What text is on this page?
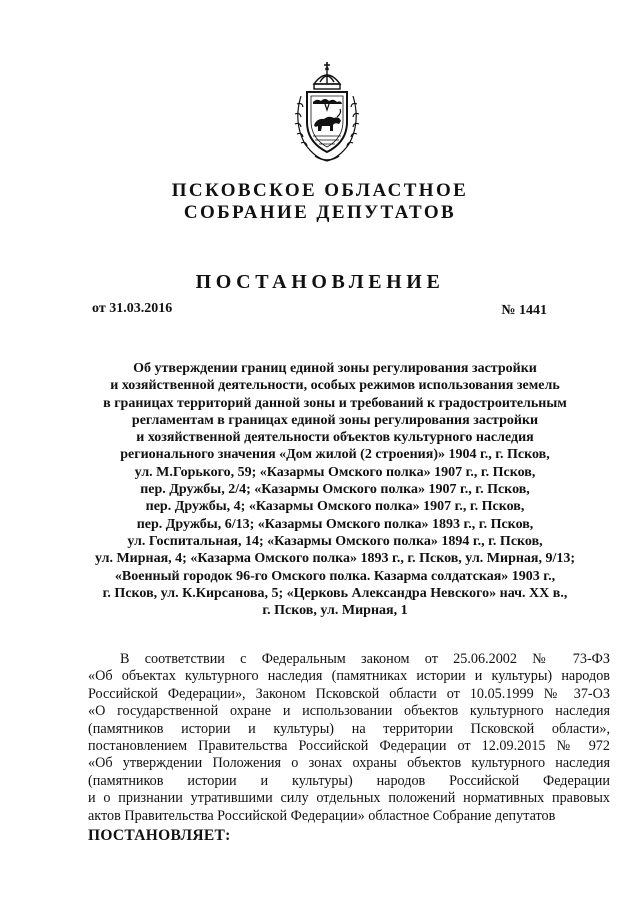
ПСКОВСКОЕ ОБЛАСТНОЕ
СОБРАНИЕ ДЕПУТАТОВ
ПОСТАНОВЛЕНИЕ
от 31.03.2016	№ 1441
Об утверждении границ единой зоны регулирования застройки
и хозяйственной деятельности, особых режимов использования земель
в границах территорий данной зоны и требований к градостроительным
регламентам в границах единой зоны регулирования застройки
и хозяйственной деятельности объектов культурного наследия
регионального значения «Дом жилой (2 строения)» 1904 г., г. Псков,
ул. М.Горького, 59; «Казармы Омского полка» 1907 г., г. Псков,
пер. Дружбы, 2/4; «Казармы Омского полка» 1907 г., г. Псков,
пер. Дружбы, 4; «Казармы Омского полка» 1907 г., г. Псков,
пер. Дружбы, 6/13; «Казармы Омского полка» 1893 г., г. Псков,
ул. Госпитальная, 14; «Казармы Омского полка» 1894 г., г. Псков,
ул. Мирная, 4; «Казарма Омского полка» 1893 г., г. Псков, ул. Мирная, 9/13;
«Военный городок 96-го Омского полка. Казарма солдатская» 1903 г.,
г. Псков, ул. К.Кирсанова, 5; «Церковь Александра Невского» нач. XX в.,
г. Псков, ул. Мирная, 1
В соответствии с Федеральным законом от 25.06.2002 № 73-ФЗ
«Об объектах культурного наследия (памятниках истории и культуры) народов
Российской Федерации», Законом Псковской области от 10.05.1999 № 37-ОЗ
«О государственной охране и использовании объектов культурного наследия
(памятников истории и культуры) на территории Псковской области»,
постановлением Правительства Российской Федерации от 12.09.2015 № 972
«Об утверждении Положения о зонах охраны объектов культурного наследия
(памятников истории и культуры) народов Российской Федерации
и о признании утратившими силу отдельных положений нормативных правовых
актов Правительства Российской Федерации» областное Собрание депутатов
ПОСТАНОВЛЯЕТ:
